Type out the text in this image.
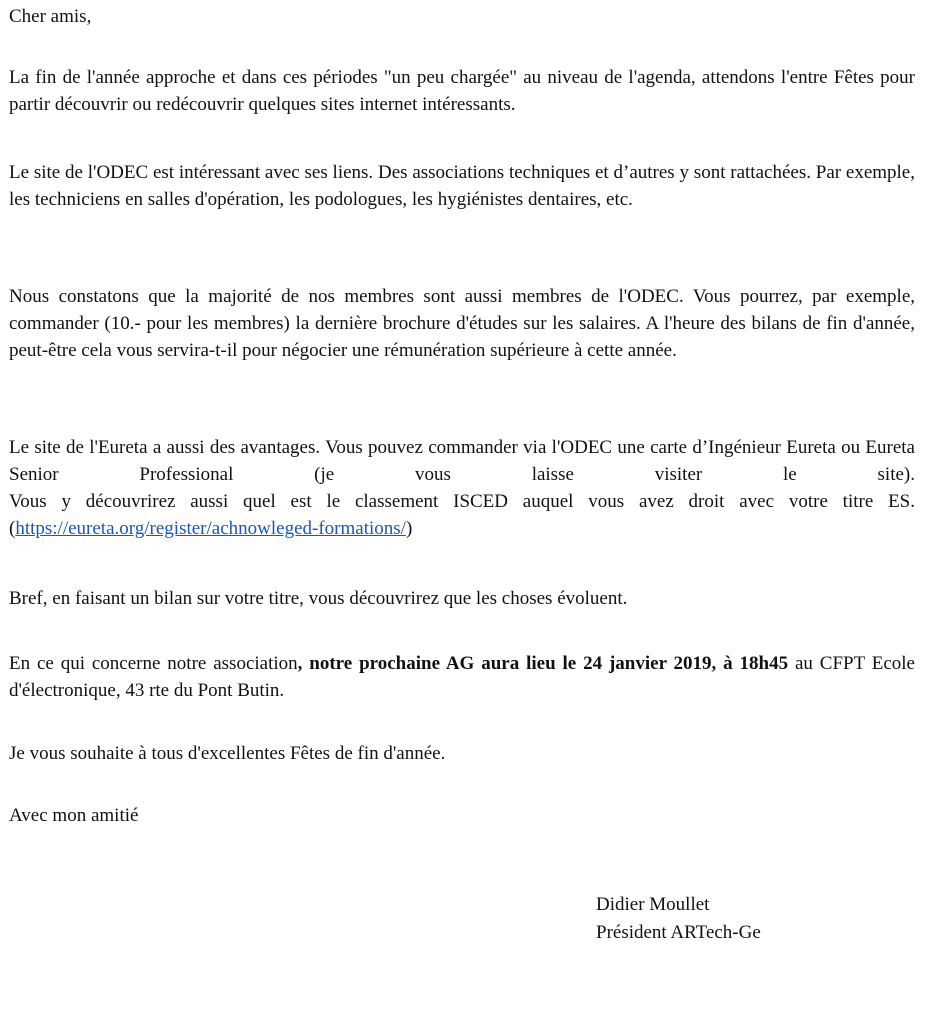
Cher amis,

La fin de l'année approche et dans ces périodes "un peu chargée" au niveau de l'agenda, attendons l'entre Fêtes pour partir découvrir ou redécouvrir quelques sites internet intéressants.

Le site de l'ODEC est intéressant avec ses liens. Des associations techniques et d’autres y sont rattachées. Par exemple, les techniciens en salles d'opération, les podologues, les hygiénistes dentaires, etc.

Nous constatons que la majorité de nos membres sont aussi membres de l'ODEC. Vous pourrez, par exemple, commander (10.- pour les membres) la dernière brochure d'études sur les salaires. A l'heure des bilans de fin d'année, peut-être cela vous servira-t-il pour négocier une rémunération supérieure à cette année.

Le site de l'Eureta a aussi des avantages. Vous pouvez commander via l'ODEC une carte d’Ingénieur Eureta ou Eureta Senior Professional (je vous laisse visiter le site).
Vous y découvrirez aussi quel est le classement ISCED auquel vous avez droit avec votre titre ES.
(https://eureta.org/register/achnowleged-formations/)

Bref, en faisant un bilan sur votre titre, vous découvrirez que les choses évoluent.

En ce qui concerne notre association, notre prochaine AG aura lieu le 24 janvier 2019, à 18h45 au CFPT Ecole d'électronique, 43 rte du Pont Butin.

Je vous souhaite à tous d'excellentes Fêtes de fin d'année.

Avec mon amitié

Didier Moullet
Président ARTech-Ge
